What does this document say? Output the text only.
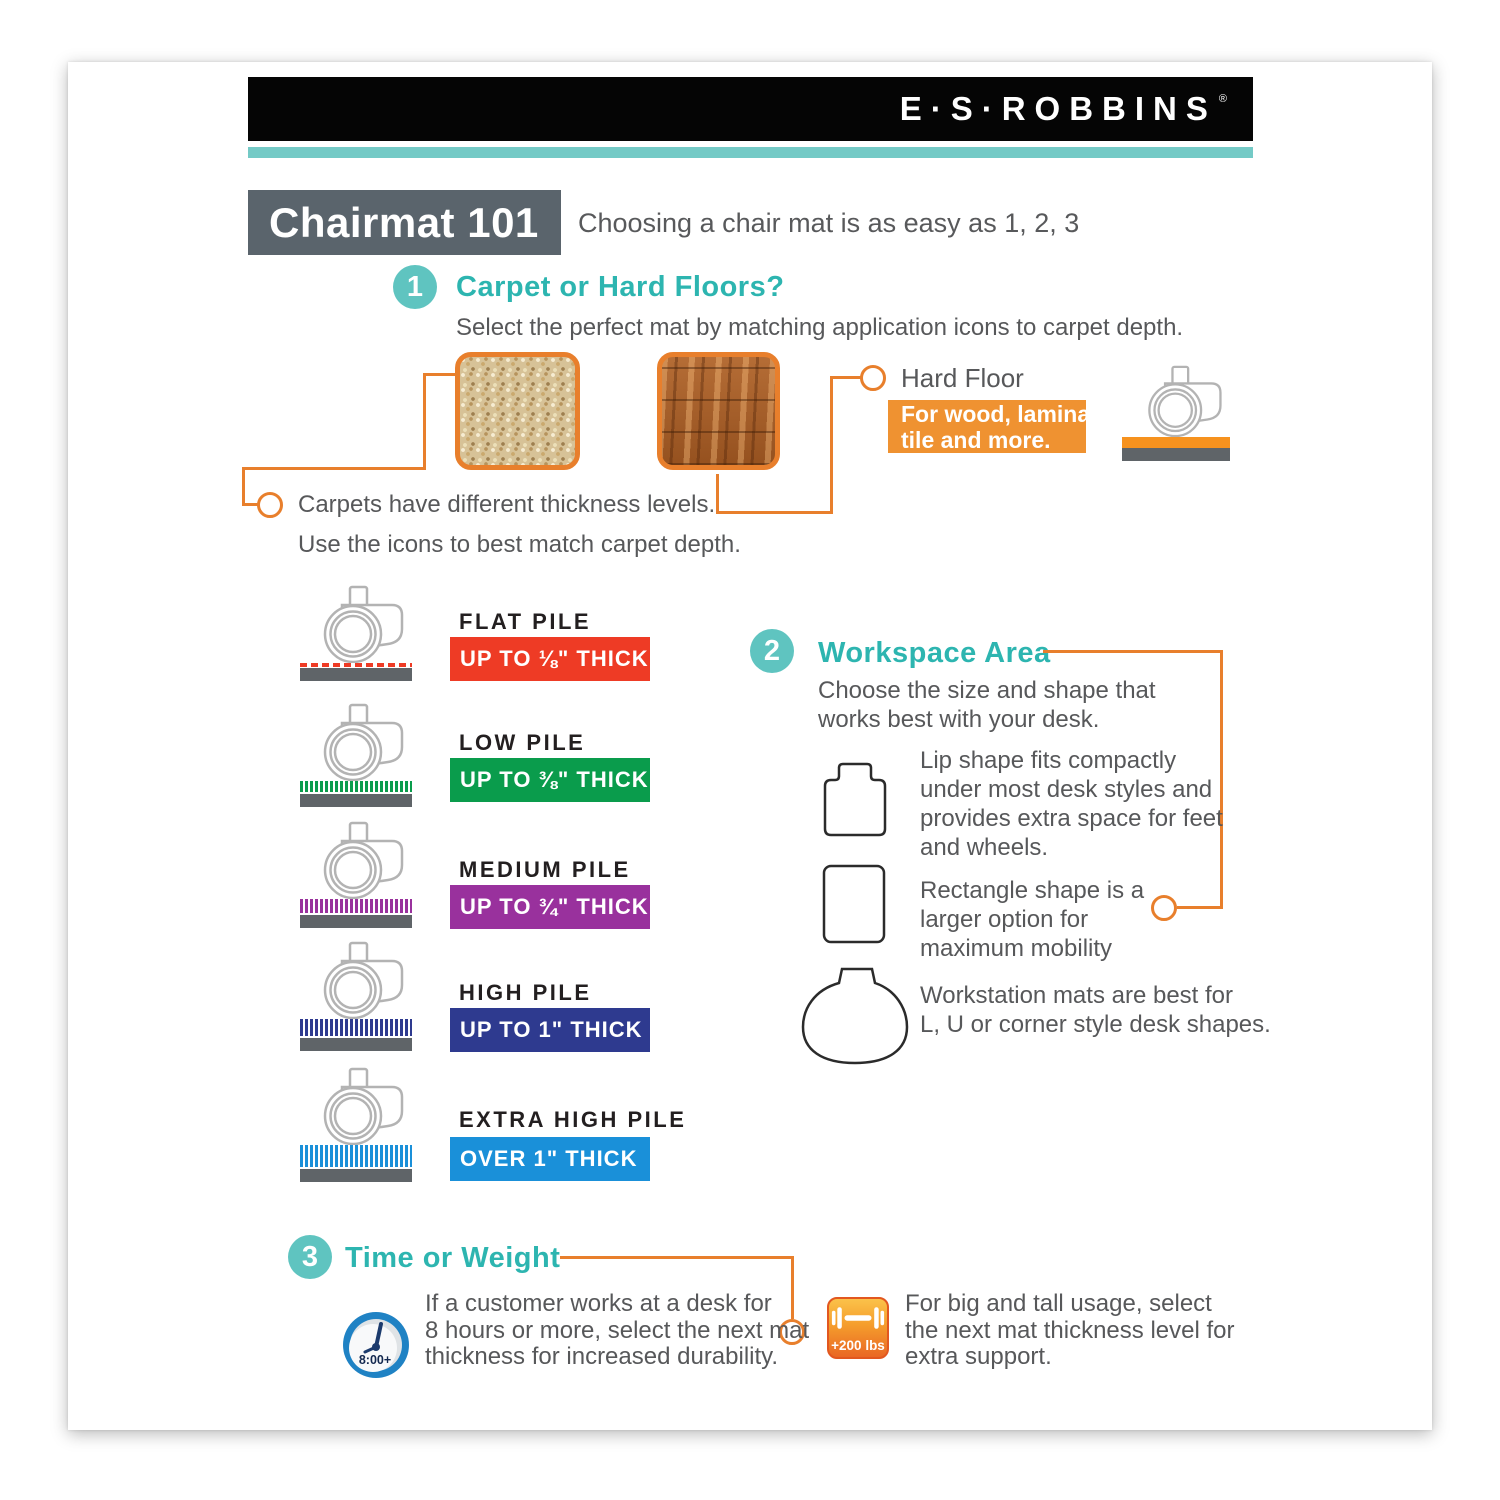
E·S·ROBBINS ®
Chairmat 101	Choosing a chair mat is as easy as 1, 2, 3
1	Carpet or Hard Floors?
Select the perfect mat by matching application icons to carpet depth.
Carpets have different thickness levels.
Use the icons to best match carpet depth.
Hard Floor
For wood, laminate,
tile and more.
FLAT PILE
UP TO ⅛" THICK
LOW PILE
UP TO ⅜" THICK
MEDIUM PILE
UP TO ¾" THICK
HIGH PILE
UP TO 1" THICK
EXTRA HIGH PILE
OVER 1" THICK
2	Workspace Area
Choose the size and shape that
works best with your desk.
Lip shape fits compactly
under most desk styles and
provides extra space for feet
and wheels.
Rectangle shape is a
larger option for
maximum mobility
Workstation mats are best for
L, U or corner style desk shapes.
3 Time or Weight
8:00+
If a customer works at a desk for
8 hours or more, select the next mat
thickness for increased durability.	+200 lbs
For big and tall usage, select
the next mat thickness level for
extra support.
